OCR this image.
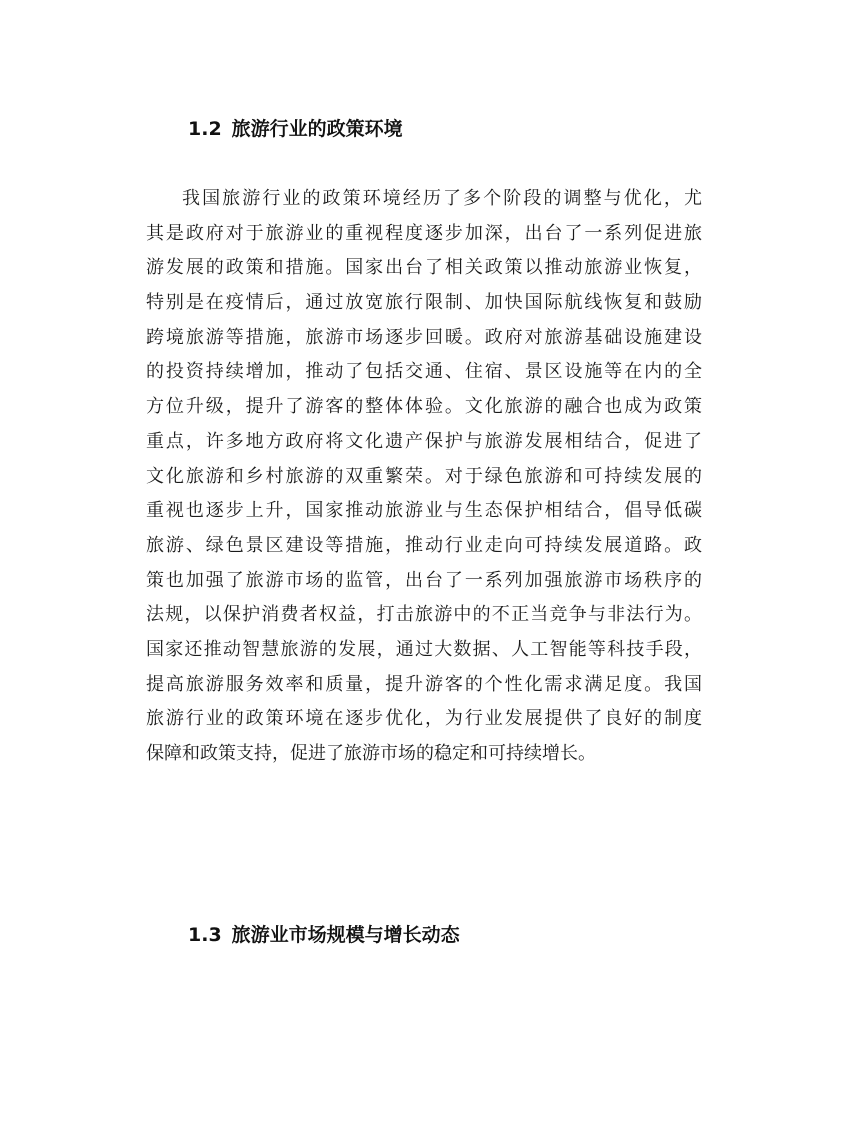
1.2 旅游行业的政策环境
我国旅游行业的政策环境经历了多个阶段的调整与优化，尤
其是政府对于旅游业的重视程度逐步加深，出台了一系列促进旅
游发展的政策和措施。国家出台了相关政策以推动旅游业恢复，
特别是在疫情后，通过放宽旅行限制、加快国际航线恢复和鼓励
跨境旅游等措施，旅游市场逐步回暖。政府对旅游基础设施建设
的投资持续增加，推动了包括交通、住宿、景区设施等在内的全
方位升级，提升了游客的整体体验。文化旅游的融合也成为政策
重点，许多地方政府将文化遗产保护与旅游发展相结合，促进了
文化旅游和乡村旅游的双重繁荣。对于绿色旅游和可持续发展的
重视也逐步上升，国家推动旅游业与生态保护相结合，倡导低碳
旅游、绿色景区建设等措施，推动行业走向可持续发展道路。政
策也加强了旅游市场的监管，出台了一系列加强旅游市场秩序的
法规，以保护消费者权益，打击旅游中的不正当竞争与非法行为。
国家还推动智慧旅游的发展，通过大数据、人工智能等科技手段，
提高旅游服务效率和质量，提升游客的个性化需求满足度。我国
旅游行业的政策环境在逐步优化，为行业发展提供了良好的制度
保障和政策支持，促进了旅游市场的稳定和可持续增长。
1.3 旅游业市场规模与增长动态
